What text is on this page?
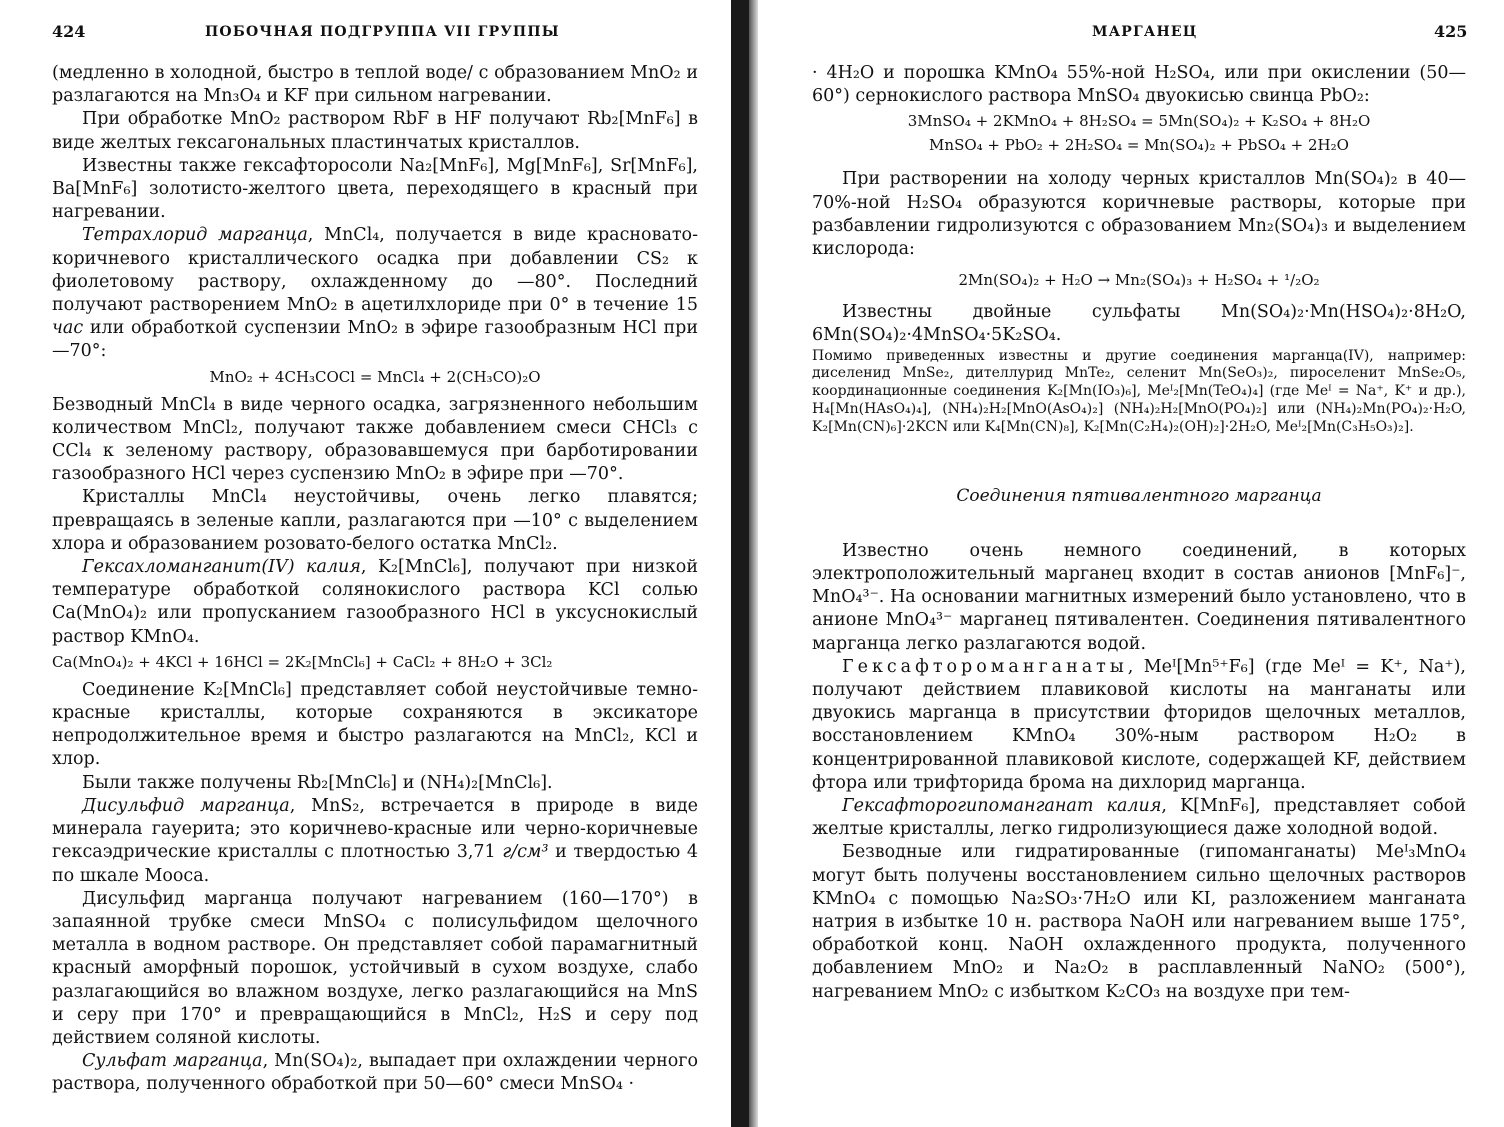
424	ПОБОЧНАЯ ПОДГРУППА VII ГРУППЫ

(медленно в холодной, быстро в теплой воде/ с образованием MnO₂ и разлагаются на Mn₃O₄ и KF при сильном нагревании.

При обработке MnO₂ раствором RbF в HF получают Rb₂[MnF₆] в виде желтых гексагональных пластинчатых кристаллов.

Известны также гексафторосоли Na₂[MnF₆], Mg[MnF₆], Sr[MnF₆], Ba[MnF₆] золотисто-желтого цвета, переходящего в красный при нагревании.

Тетрахлорид марганца, MnCl₄, получается в виде красновато-коричневого кристаллического осадка при добавлении CS₂ к фиолетовому раствору, охлажденному до —80°. Последний получают растворением MnO₂ в ацетилхлориде при 0° в течение 15 час или обработкой суспензии MnO₂ в эфире газообразным HCl при —70°:

MnO₂ + 4CH₃COCl = MnCl₄ + 2(CH₃CO)₂O

Безводный MnCl₄ в виде черного осадка, загрязненного небольшим количеством MnCl₂, получают также добавлением смеси CHCl₃ с CCl₄ к зеленому раствору, образовавшемуся при барботировании газообразного HCl через суспензию MnO₂ в эфире при —70°.

Кристаллы MnCl₄ неустойчивы, очень легко плавятся; превращаясь в зеленые капли, разлагаются при —10° с выделением хлора и образованием розовато-белого остатка MnCl₂.

Гексахломанганит(IV) калия, K₂[MnCl₆], получают при низкой температуре обработкой солянокислого раствора KCl солью Ca(MnO₄)₂ или пропусканием газообразного HCl в уксуснокислый раствор KMnO₄.

Ca(MnO₄)₂ + 4KCl + 16HCl = 2K₂[MnCl₆] + CaCl₂ + 8H₂O + 3Cl₂

Соединение K₂[MnCl₆] представляет собой неустойчивые темно-красные кристаллы, которые сохраняются в эксикаторе непродолжительное время и быстро разлагаются на MnCl₂, KCl и хлор.

Были также получены Rb₂[MnCl₆] и (NH₄)₂[MnCl₆].

Дисульфид марганца, MnS₂, встречается в природе в виде минерала гауерита; это коричнево-красные или черно-коричневые гексаэдрические кристаллы с плотностью 3,71 г/см³ и твердостью 4 по шкале Мооса.

Дисульфид марганца получают нагреванием (160—170°) в запаянной трубке смеси MnSO₄ с полисульфидом щелочного металла в водном растворе. Он представляет собой парамагнитный красный аморфный порошок, устойчивый в сухом воздухе, слабо разлагающийся во влажном воздухе, легко разлагающийся на MnS и серу при 170° и превращающийся в MnCl₂, H₂S и серу под действием соляной кислоты.

Сульфат марганца, Mn(SO₄)₂, выпадает при охлаждении черного раствора, полученного обработкой при 50—60° смеси MnSO₄ ·

МАРГАНЕЦ	425

· 4H₂O и порошка KMnO₄ 55%-ной H₂SO₄, или при окислении (50—60°) сернокислого раствора MnSO₄ двуокисью свинца PbO₂:

3MnSO₄ + 2KMnO₄ + 8H₂SO₄ = 5Mn(SO₄)₂ + K₂SO₄ + 8H₂O
MnSO₄ + PbO₂ + 2H₂SO₄ = Mn(SO₄)₂ + PbSO₄ + 2H₂O

При растворении на холоду черных кристаллов Mn(SO₄)₂ в 40—70%-ной H₂SO₄ образуются коричневые растворы, которые при разбавлении гидролизуются с образованием Mn₂(SO₄)₃ и выделением кислорода:

2Mn(SO₄)₂ + H₂O → Mn₂(SO₄)₃ + H₂SO₄ + ¹/₂O₂

Известны двойные сульфаты Mn(SO₄)₂·Mn(HSO₄)₂·8H₂O, 6Mn(SO₄)₂·4MnSO₄·5K₂SO₄.

Помимо приведенных известны и другие соединения марганца(IV), например: диселенид MnSe₂, дителлурид MnTe₂, селенит Mn(SeO₃)₂, пироселенит MnSe₂O₅, координационные соединения K₂[Mn(IO₃)₆], Meᴵ₂[Mn(TeO₄)₄] (где Meᴵ = Na⁺, K⁺ и др.), H₄[Mn(HAsO₄)₄], (NH₄)₂H₂[MnO(AsO₄)₂] (NH₄)₂H₂[MnO(PO₄)₂] или (NH₄)₂Mn(PO₄)₂·H₂O, K₂[Mn(CN)₆]·2KCN или K₄[Mn(CN)₈], K₂[Mn(C₂H₄)₂(OH)₂]·2H₂O, Meᴵ₂[Mn(C₃H₅O₃)₂].

Соединения пятивалентного марганца

Известно очень немного соединений, в которых электроположительный марганец входит в состав анионов [MnF₆]⁻, MnO₄³⁻. На основании магнитных измерений было установлено, что в анионе MnO₄³⁻ марганец пятивалентен. Соединения пятивалентного марганца легко разлагаются водой.

Гексафтороманганаты, Meᴵ[Mn⁵⁺F₆] (где Meᴵ = K⁺, Na⁺), получают действием плавиковой кислоты на манганаты или двуокись марганца в присутствии фторидов щелочных металлов, восстановлением KMnO₄ 30%-ным раствором H₂O₂ в концентрированной плавиковой кислоте, содержащей KF, действием фтора или трифторида брома на дихлорид марганца.

Гексафторогипоманганат калия, K[MnF₆], представляет собой желтые кристаллы, легко гидролизующиеся даже холодной водой.

Безводные или гидратированные (гипоманганаты) Meᴵ₃MnO₄ могут быть получены восстановлением сильно щелочных растворов KMnO₄ с помощью Na₂SO₃·7H₂O или KI, разложением манганата натрия в избытке 10 н. раствора NaOH или нагреванием выше 175°, обработкой конц. NaOH охлажденного продукта, полученного добавлением MnO₂ и Na₂O₂ в расплавленный NaNO₂ (500°), нагреванием MnO₂ с избытком K₂CO₃ на воздухе при тем-
